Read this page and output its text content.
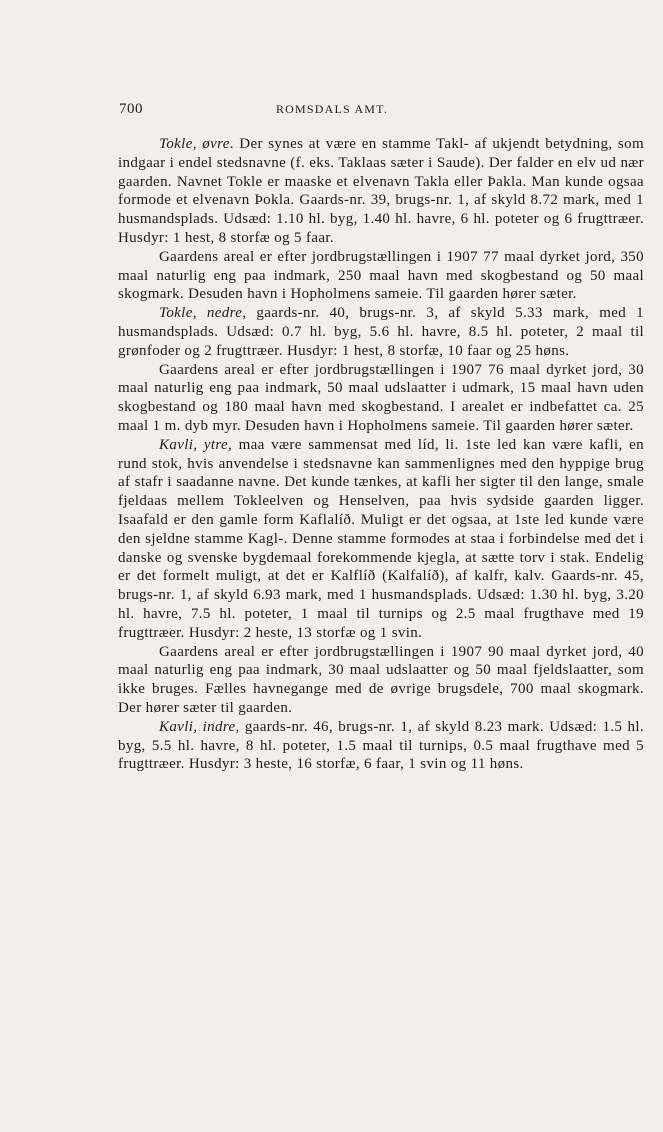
700	ROMSDALS AMT.

Tokle, øvre. Der synes at være en stamme Takl- af ukjendt betydning, som indgaar i endel stedsnavne (f. eks. Taklaas sæter i Saude). Der falder en elv ud nær gaarden. Navnet Tokle er maaske et elvenavn Takla eller Þakla. Man kunde ogsaa formode et elvenavn Þokla. Gaards-nr. 39, brugs-nr. 1, af skyld 8.72 mark, med 1 husmandsplads. Udsæd: 1.10 hl. byg, 1.40 hl. havre, 6 hl. poteter og 6 frugttræer. Husdyr: 1 hest, 8 storfæ og 5 faar.

Gaardens areal er efter jordbrugstællingen i 1907 77 maal dyrket jord, 350 maal naturlig eng paa indmark, 250 maal havn med skogbestand og 50 maal skogmark. Desuden havn i Hopholmens sameie. Til gaarden hører sæter.

Tokle, nedre, gaards-nr. 40, brugs-nr. 3, af skyld 5.33 mark, med 1 husmandsplads. Udsæd: 0.7 hl. byg, 5.6 hl. havre, 8.5 hl. poteter, 2 maal til grønfoder og 2 frugttræer. Husdyr: 1 hest, 8 storfæ, 10 faar og 25 høns.

Gaardens areal er efter jordbrugstællingen i 1907 76 maal dyrket jord, 30 maal naturlig eng paa indmark, 50 maal udslaatter i udmark, 15 maal havn uden skogbestand og 180 maal havn med skogbestand. I arealet er indbefattet ca. 25 maal 1 m. dyb myr. Desuden havn i Hopholmens sameie. Til gaarden hører sæter.

Kavli, ytre, maa være sammensat med líd, li. 1ste led kan være kafli, en rund stok, hvis anvendelse i stedsnavne kan sammenlignes med den hyppige brug af stafr i saadanne navne. Det kunde tænkes, at kafli her sigter til den lange, smale fjeldaas mellem Tokleelven og Henselven, paa hvis sydside gaarden ligger. Isaafald er den gamle form Kaflalíð. Muligt er det ogsaa, at 1ste led kunde være den sjeldne stamme Kagl-. Denne stamme formodes at staa i forbindelse med det i danske og svenske bygdemaal forekommende kjegla, at sætte torv i stak. Endelig er det formelt muligt, at det er Kalflíð (Kalfalíð), af kalfr, kalv. Gaards-nr. 45, brugs-nr. 1, af skyld 6.93 mark, med 1 husmandsplads. Udsæd: 1.30 hl. byg, 3.20 hl. havre, 7.5 hl. poteter, 1 maal til turnips og 2.5 maal frugthave med 19 frugttræer. Husdyr: 2 heste, 13 storfæ og 1 svin.

Gaardens areal er efter jordbrugstællingen i 1907 90 maal dyrket jord, 40 maal naturlig eng paa indmark, 30 maal udslaatter og 50 maal fjeldslaatter, som ikke bruges. Fælles havnegange med de øvrige brugsdele, 700 maal skogmark. Der hører sæter til gaarden.

Kavli, indre, gaards-nr. 46, brugs-nr. 1, af skyld 8.23 mark. Udsæd: 1.5 hl. byg, 5.5 hl. havre, 8 hl. poteter, 1.5 maal til turnips, 0.5 maal frugthave med 5 frugttræer. Husdyr: 3 heste, 16 storfæ, 6 faar, 1 svin og 11 høns.
